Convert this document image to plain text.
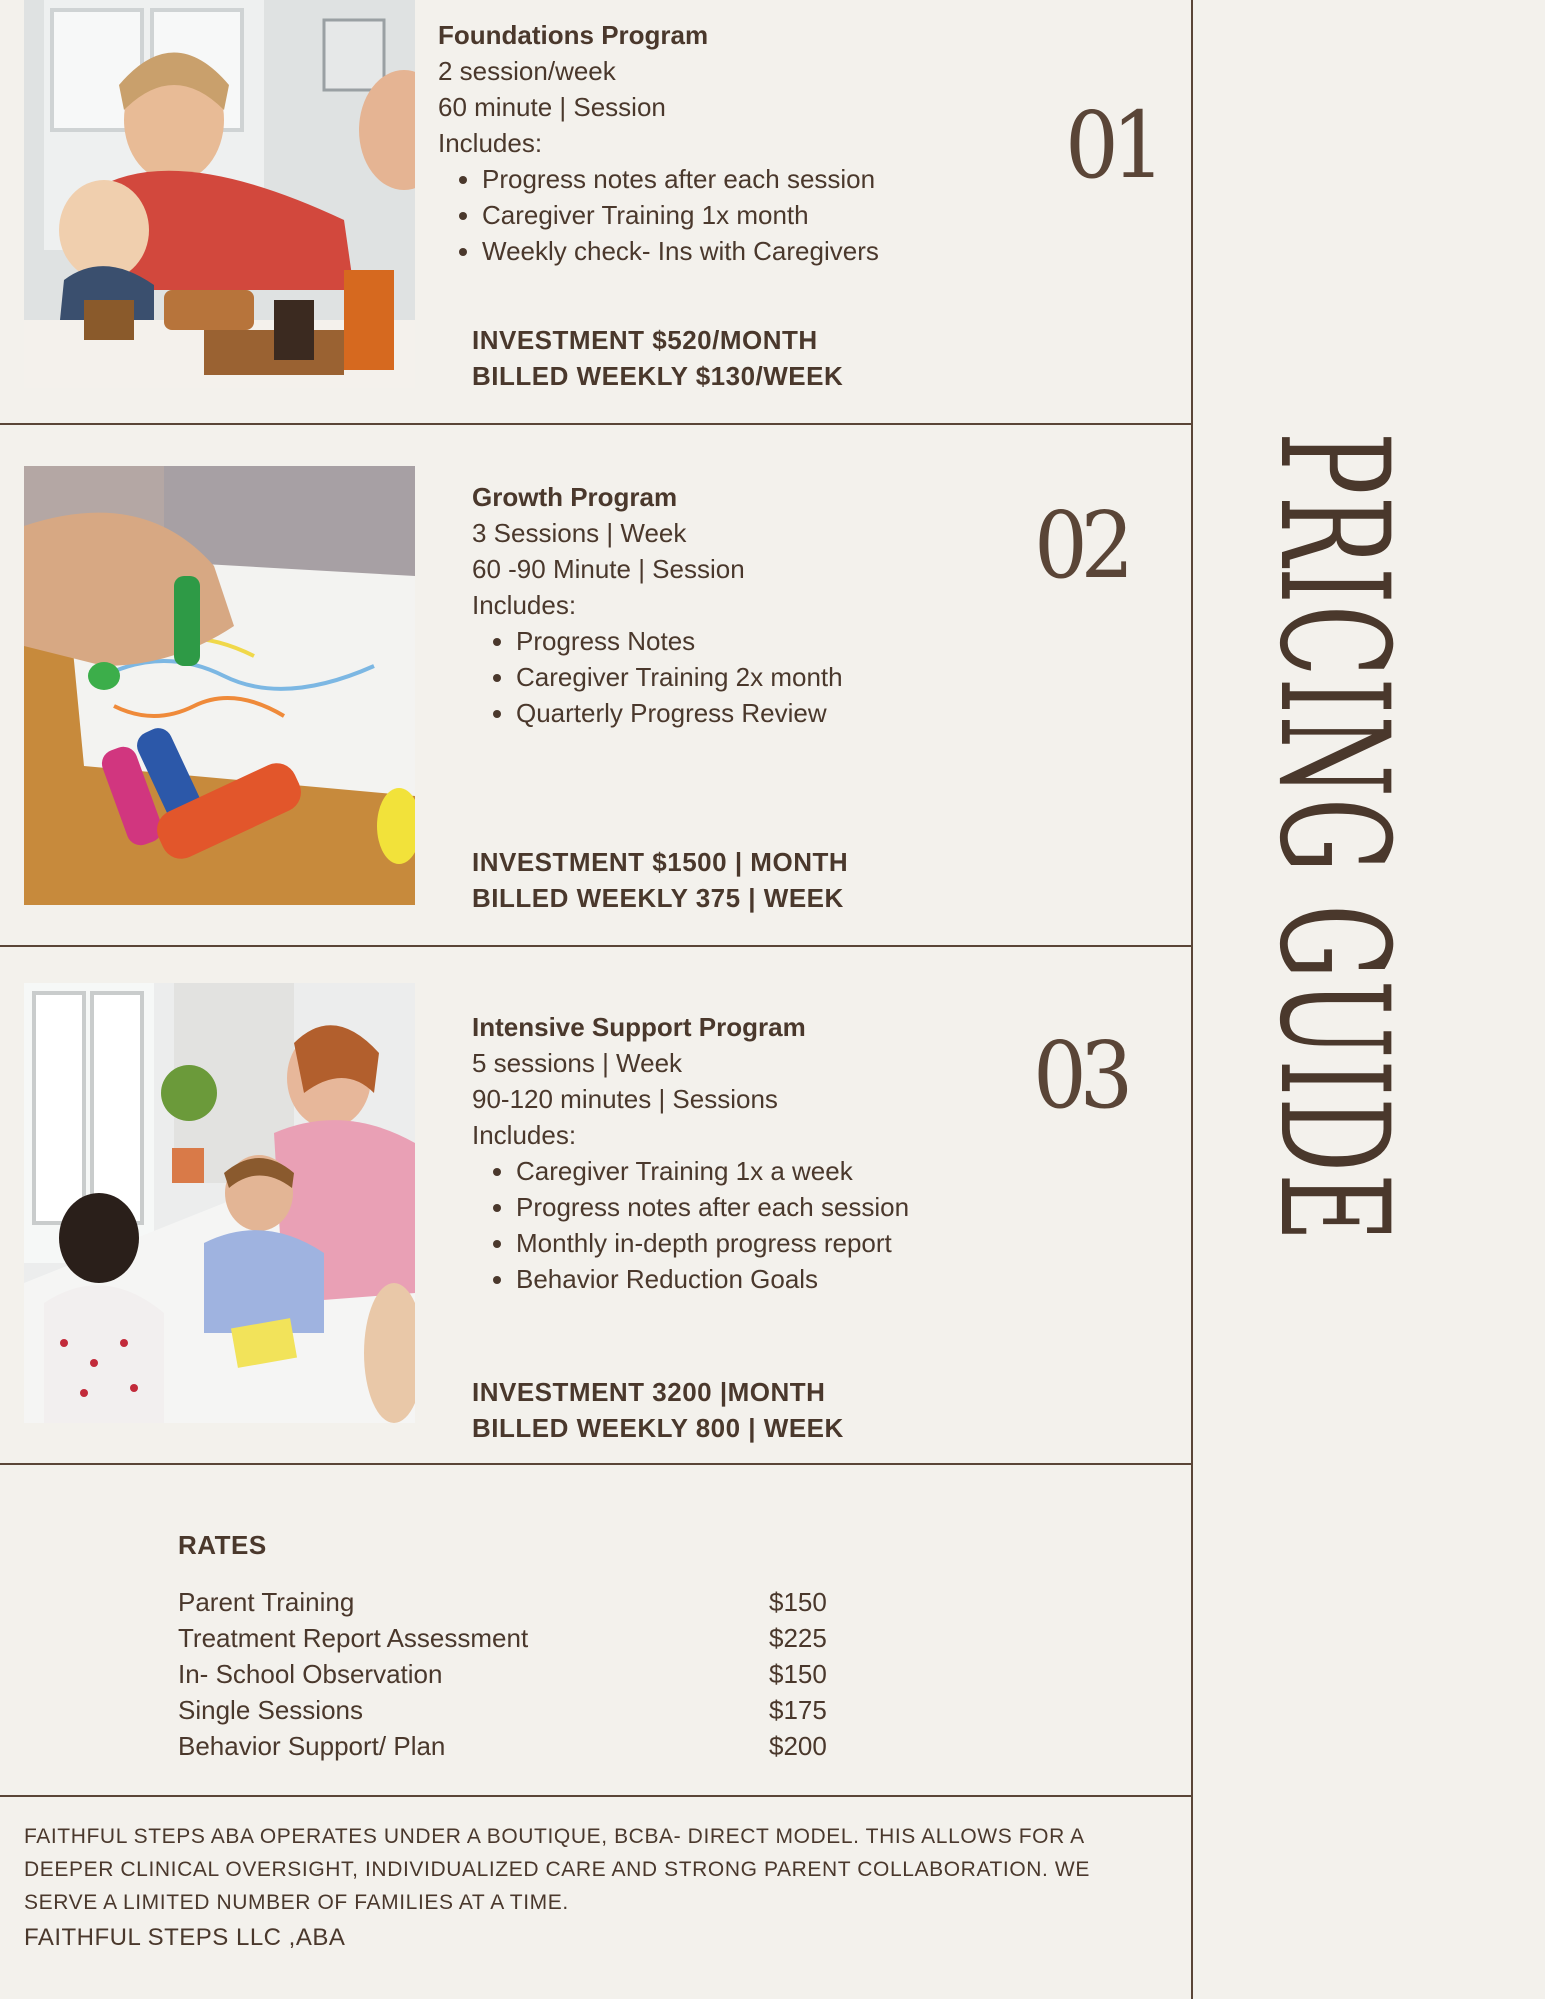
Foundations Program
2 session/week
60 minute | Session
Includes:
• Progress notes after each session
• Caregiver Training 1x month
• Weekly check- Ins with Caregivers
INVESTMENT $520/MONTH
BILLED WEEKLY $130/WEEK
01
Growth Program
3 Sessions | Week
60 -90 Minute | Session
Includes:
• Progress Notes
• Caregiver Training 2x month
• Quarterly Progress Review
INVESTMENT $1500 | MONTH
BILLED WEEKLY 375 | WEEK
02
Intensive Support Program
5 sessions | Week
90-120 minutes | Sessions
Includes:
• Caregiver Training 1x a week
• Progress notes after each session
• Monthly in-depth progress report
• Behavior Reduction Goals
INVESTMENT 3200 |MONTH
BILLED WEEKLY 800 | WEEK
03
RATES
Parent Training	$150
Treatment Report Assessment	$225
In- School Observation	$150
Single Sessions	$175
Behavior Support/ Plan	$200
FAITHFUL STEPS ABA OPERATES UNDER A BOUTIQUE, BCBA- DIRECT MODEL. THIS ALLOWS FOR A DEEPER CLINICAL OVERSIGHT, INDIVIDUALIZED CARE AND STRONG PARENT COLLABORATION. WE SERVE A LIMITED NUMBER OF FAMILIES AT A TIME.
FAITHFUL STEPS LLC ,ABA
PRICING GUIDE
